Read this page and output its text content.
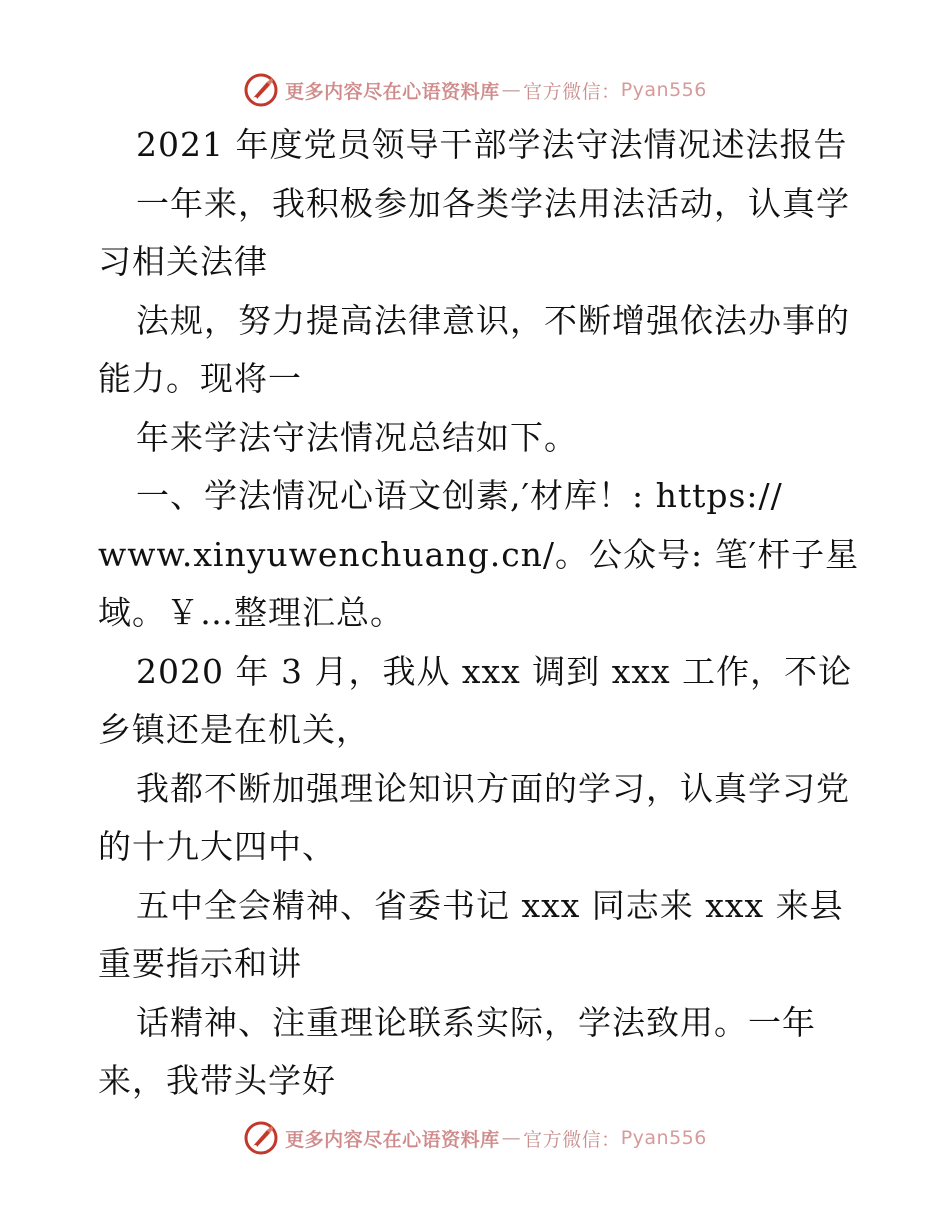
更多内容尽在心语资料库 — 官方微信： Pyan556
2021 年度党员领导干部学法守法情况述法报告
一年来，我积极参加各类学法用法活动，认真学
习相关法律
法规，努力提高法律意识，不断增强依法办事的
能力。现将一
年来学法守法情况总结如下。
一、学法情况心语文创素,′材库！: https://
www.xinyuwenchuang.cn/。公众号: 笔′杆子星
域。￥…整理汇总。
2020 年 3 月，我从 xxx 调到 xxx 工作，不论
乡镇还是在机关，
我都不断加强理论知识方面的学习，认真学习党
的十九大四中、
五中全会精神、省委书记 xxx 同志来 xxx 来县
重要指示和讲
话精神、注重理论联系实际，学法致用。一年
来，我带头学好
更多内容尽在心语资料库 — 官方微信： Pyan556
